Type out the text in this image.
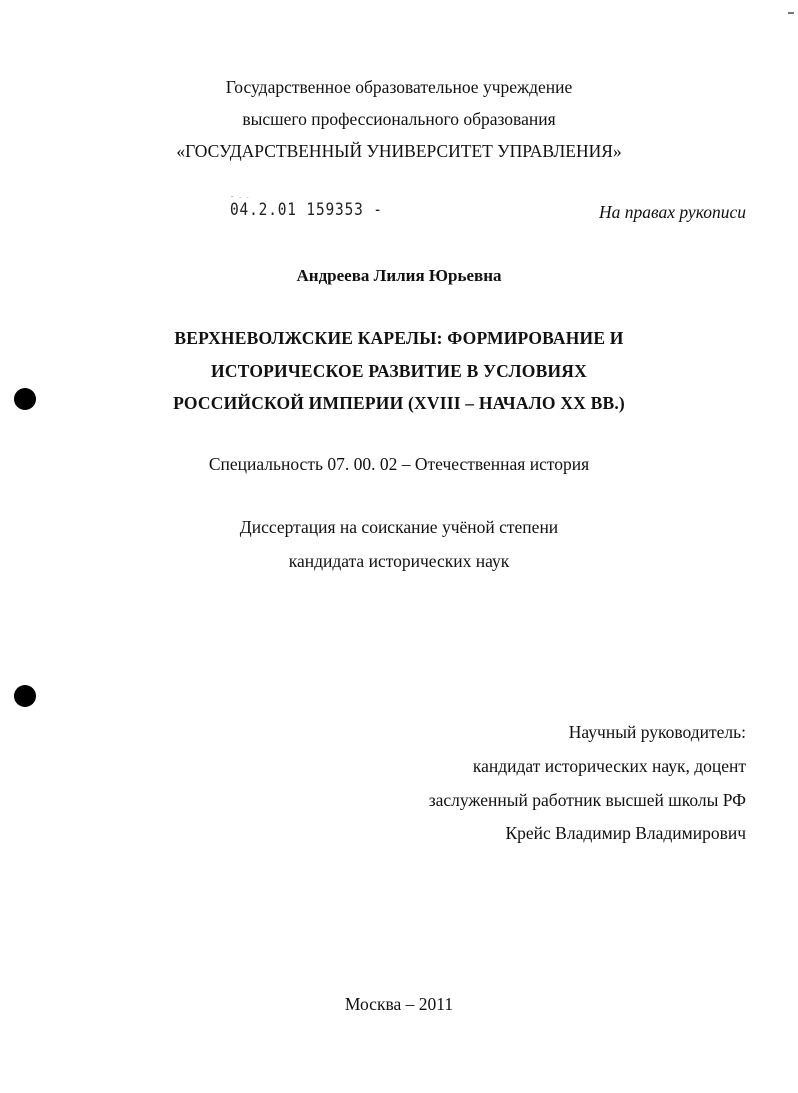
Государственное образовательное учреждение
высшего профессионального образования
«ГОСУДАРСТВЕННЫЙ УНИВЕРСИТЕТ УПРАВЛЕНИЯ»
- . .
04.2.01 159353 -	На правах рукописи
Андреева Лилия Юрьевна
ВЕРХНЕВОЛЖСКИЕ КАРЕЛЫ: ФОРМИРОВАНИЕ И
ИСТОРИЧЕСКОЕ РАЗВИТИЕ В УСЛОВИЯХ
РОССИЙСКОЙ ИМПЕРИИ (XVIII – НАЧАЛО XX ВВ.)
Специальность 07. 00. 02 – Отечественная история
Диссертация на соискание учёной степени
кандидата исторических наук
Научный руководитель:
кандидат исторических наук, доцент
заслуженный работник высшей школы РФ
Крейс Владимир Владимирович
Москва – 2011
